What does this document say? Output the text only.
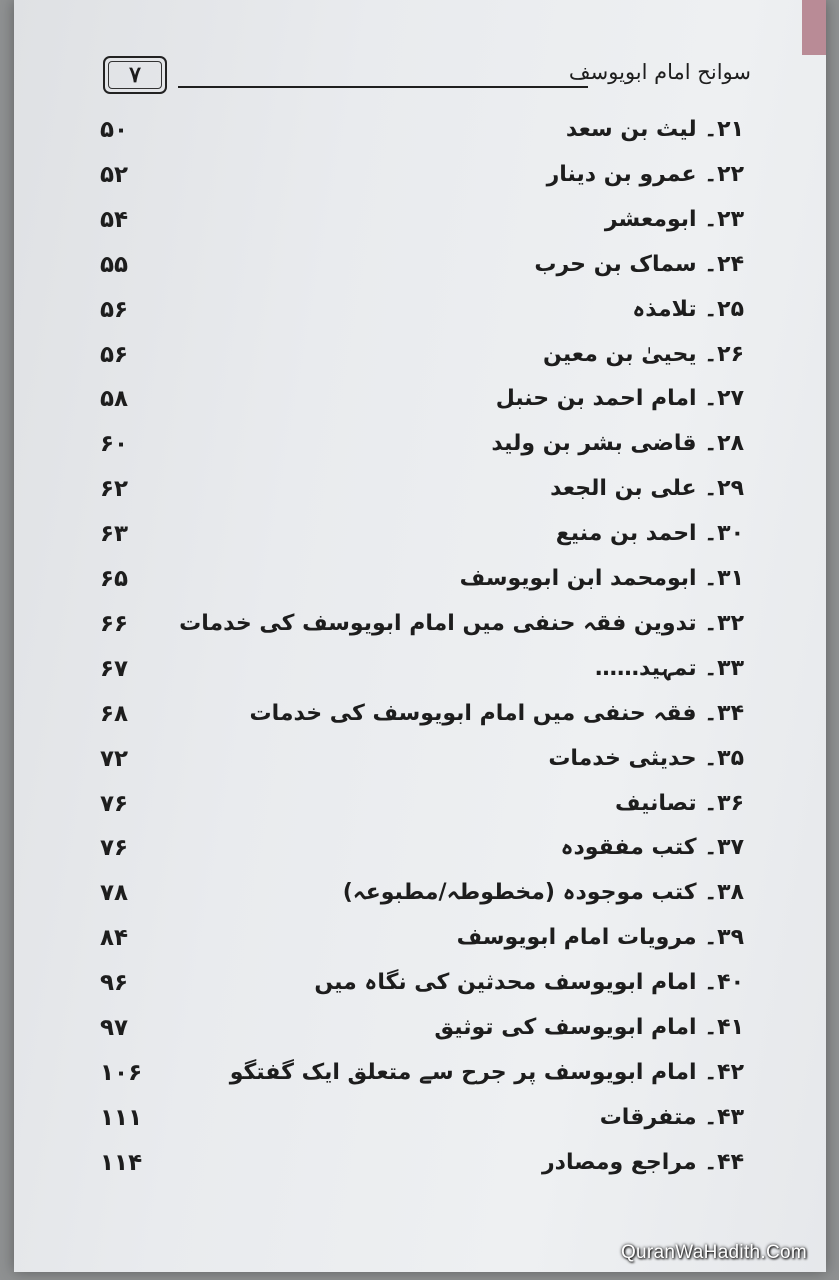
۷	سوانح امام ابویوسف
۲۱۔ لیث بن سعد
۵۰
۲۲۔ عمرو بن دینار
۵۲
۲۳۔ ابومعشر
۵۴
۲۴۔ سماک بن حرب
۵۵
۲۵۔ تلامذہ
۵۶
۲۶۔ یحییٰ بن معین
۵۶
۲۷۔ امام احمد بن حنبل
۵۸
۲۸۔ قاضی بشر بن ولید
۶۰
۲۹۔ علی بن الجعد
۶۲
۳۰۔ احمد بن منیع
۶۳
۳۱۔ ابومحمد ابن ابویوسف
۶۵
۳۲۔ تدوین فقہ حنفی میں امام ابویوسف کی خدمات
۶۶
۳۳۔ تمہید……
۶۷
۳۴۔ فقہ حنفی میں امام ابویوسف کی خدمات
۶۸
۳۵۔ حدیثی خدمات
۷۲
۳۶۔ تصانیف
۷۶
۳۷۔ کتب مفقودہ
۷۶
۳۸۔ کتب موجودہ (مخطوطہ/مطبوعہ)
۷۸
۳۹۔ مرویات امام ابویوسف
۸۴
۴۰۔ امام ابویوسف محدثین کی نگاہ میں
۹۶
۴۱۔ امام ابویوسف کی توثیق
۹۷
۴۲۔ امام ابویوسف پر جرح سے متعلق ایک گفتگو
۱۰۶
۴۳۔ متفرقات
۱۱۱
۴۴۔ مراجع ومصادر
۱۱۴
QuranWaHadith.Com
